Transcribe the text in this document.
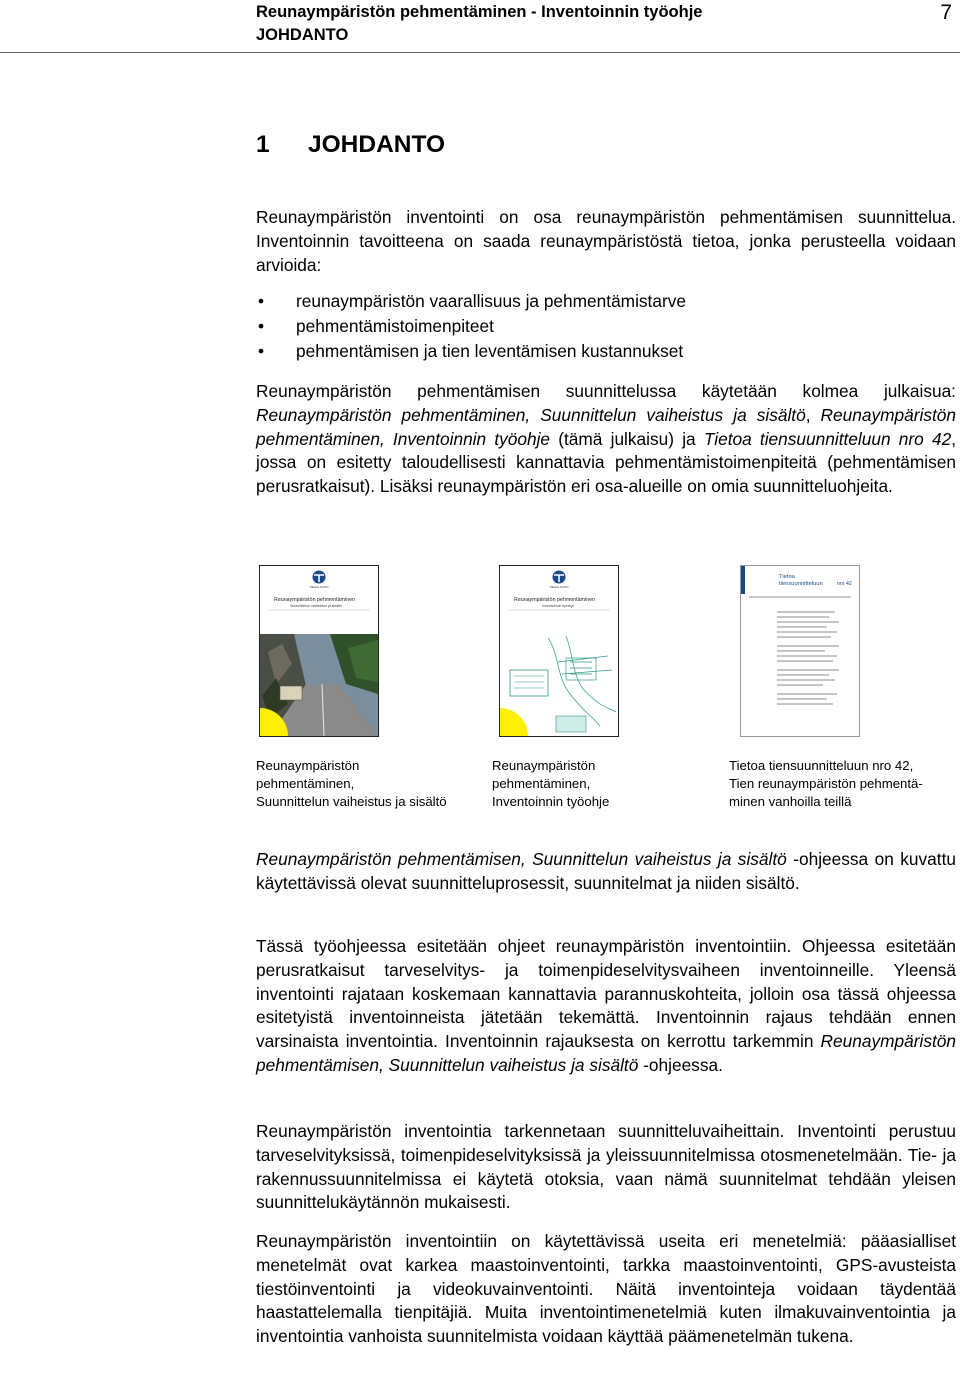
Reunaympäristön pehmentäminen - Inventoinnin työohje
JOHDANTO
7
1 JOHDANTO

Reunaympäristön inventointi on osa reunaympäristön pehmentämisen suunnittelua. Inventoinnin tavoitteena on saada reunaympäristöstä tietoa, jonka perusteella voidaan arvioida:

• reunaympäristön vaarallisuus ja pehmentämistarve
• pehmentämistoimenpiteet
• pehmentämisen ja tien leventämisen kustannukset

Reunaympäristön pehmentämisen suunnittelussa käytetään kolmea julkaisua: Reunaympäristön pehmentäminen, Suunnittelun vaiheistus ja sisältö, Reunaympäristön pehmentäminen, Inventoinnin työohje (tämä julkaisu) ja Tietoa tiensuunnitteluun nro 42, jossa on esitetty taloudellisesti kannattavia pehmentämistoimenpiteitä (pehmentämisen perusratkaisut). Lisäksi reunaympäristön eri osa-alueille on omia suunnitteluohjeita.

TIEHALLINTO
Reunaympäristön pehmentäminen
Suunnittelun vaiheistus ja sisältö
TIEHALLINTO
Reunaympäristön pehmentäminen
Inventoinnin työohje
Tietoa
tiensuunnitteluun	nro 42
Reunaympäristön
pehmentäminen,
Suunnittelun vaiheistus ja sisältö
Reunaympäristön
pehmentäminen,
Inventoinnin työohje
Tietoa tiensuunnitteluun nro 42,
Tien reunaympäristön pehmentä-
minen vanhoilla teillä

Reunaympäristön pehmentämisen, Suunnittelun vaiheistus ja sisältö -ohjeessa on kuvattu käytettävissä olevat suunnitteluprosessit, suunnitelmat ja niiden sisältö.

Tässä työohjeessa esitetään ohjeet reunaympäristön inventointiin. Ohjeessa esitetään perusratkaisut tarveselvitys- ja toimenpideselvitysvaiheen inventoinneille. Yleensä inventointi rajataan koskemaan kannattavia parannuskohteita, jolloin osa tässä ohjeessa esitetyistä inventoinneista jätetään tekemättä. Inventoinnin rajaus tehdään ennen varsinaista inventointia. Inventoinnin rajauksesta on kerrottu tarkemmin Reunaympäristön pehmentämisen, Suunnittelun vaiheistus ja sisältö -ohjeessa.

Reunaympäristön inventointia tarkennetaan suunnitteluvaiheittain. Inventointi perustuu tarveselvityksissä, toimenpideselvityksissä ja yleissuunnitelmissa otosmenetelmään. Tie- ja rakennussuunnitelmissa ei käytetä otoksia, vaan nämä suunnitelmat tehdään yleisen suunnittelukäytännön mukaisesti.

Reunaympäristön inventointiin on käytettävissä useita eri menetelmiä: pääasialliset menetelmät ovat karkea maastoinventointi, tarkka maastoinventointi, GPS-avusteista tiestöinventointi ja videokuvainventointi. Näitä inventointeja voidaan täydentää haastattelemalla tienpitäjiä. Muita inventointimenetelmiä kuten ilmakuvainventointia ja inventointia vanhoista suunnitelmista voidaan käyttää päämenetelmän tukena.
